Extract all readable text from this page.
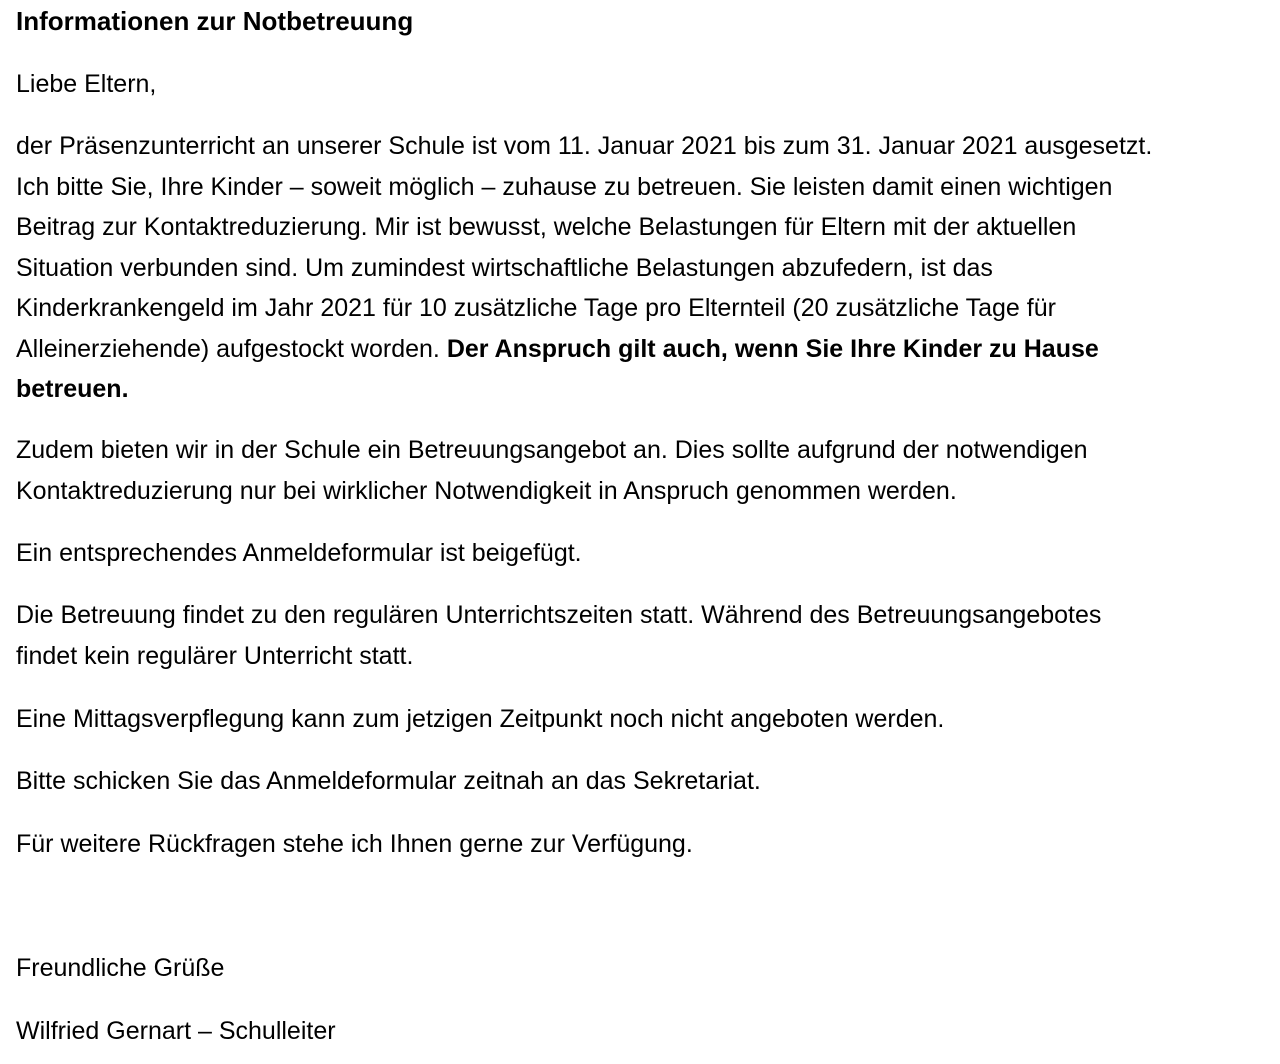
Informationen zur Notbetreuung

Liebe Eltern,

der Präsenzunterricht an unserer Schule ist vom 11. Januar 2021 bis zum 31. Januar 2021 ausgesetzt.
Ich bitte Sie, Ihre Kinder – soweit möglich – zuhause zu betreuen. Sie leisten damit einen wichtigen
Beitrag zur Kontaktreduzierung. Mir ist bewusst, welche Belastungen für Eltern mit der aktuellen
Situation verbunden sind. Um zumindest wirtschaftliche Belastungen abzufedern, ist das
Kinderkrankengeld im Jahr 2021 für 10 zusätzliche Tage pro Elternteil (20 zusätzliche Tage für
Alleinerziehende) aufgestockt worden. Der Anspruch gilt auch, wenn Sie Ihre Kinder zu Hause
betreuen.

Zudem bieten wir in der Schule ein Betreuungsangebot an. Dies sollte aufgrund der notwendigen
Kontaktreduzierung nur bei wirklicher Notwendigkeit in Anspruch genommen werden.

Ein entsprechendes Anmeldeformular ist beigefügt.

Die Betreuung findet zu den regulären Unterrichtszeiten statt. Während des Betreuungsangebotes
findet kein regulärer Unterricht statt.

Eine Mittagsverpflegung kann zum jetzigen Zeitpunkt noch nicht angeboten werden.

Bitte schicken Sie das Anmeldeformular zeitnah an das Sekretariat.

Für weitere Rückfragen stehe ich Ihnen gerne zur Verfügung.

Freundliche Grüße

Wilfried Gernart – Schulleiter
